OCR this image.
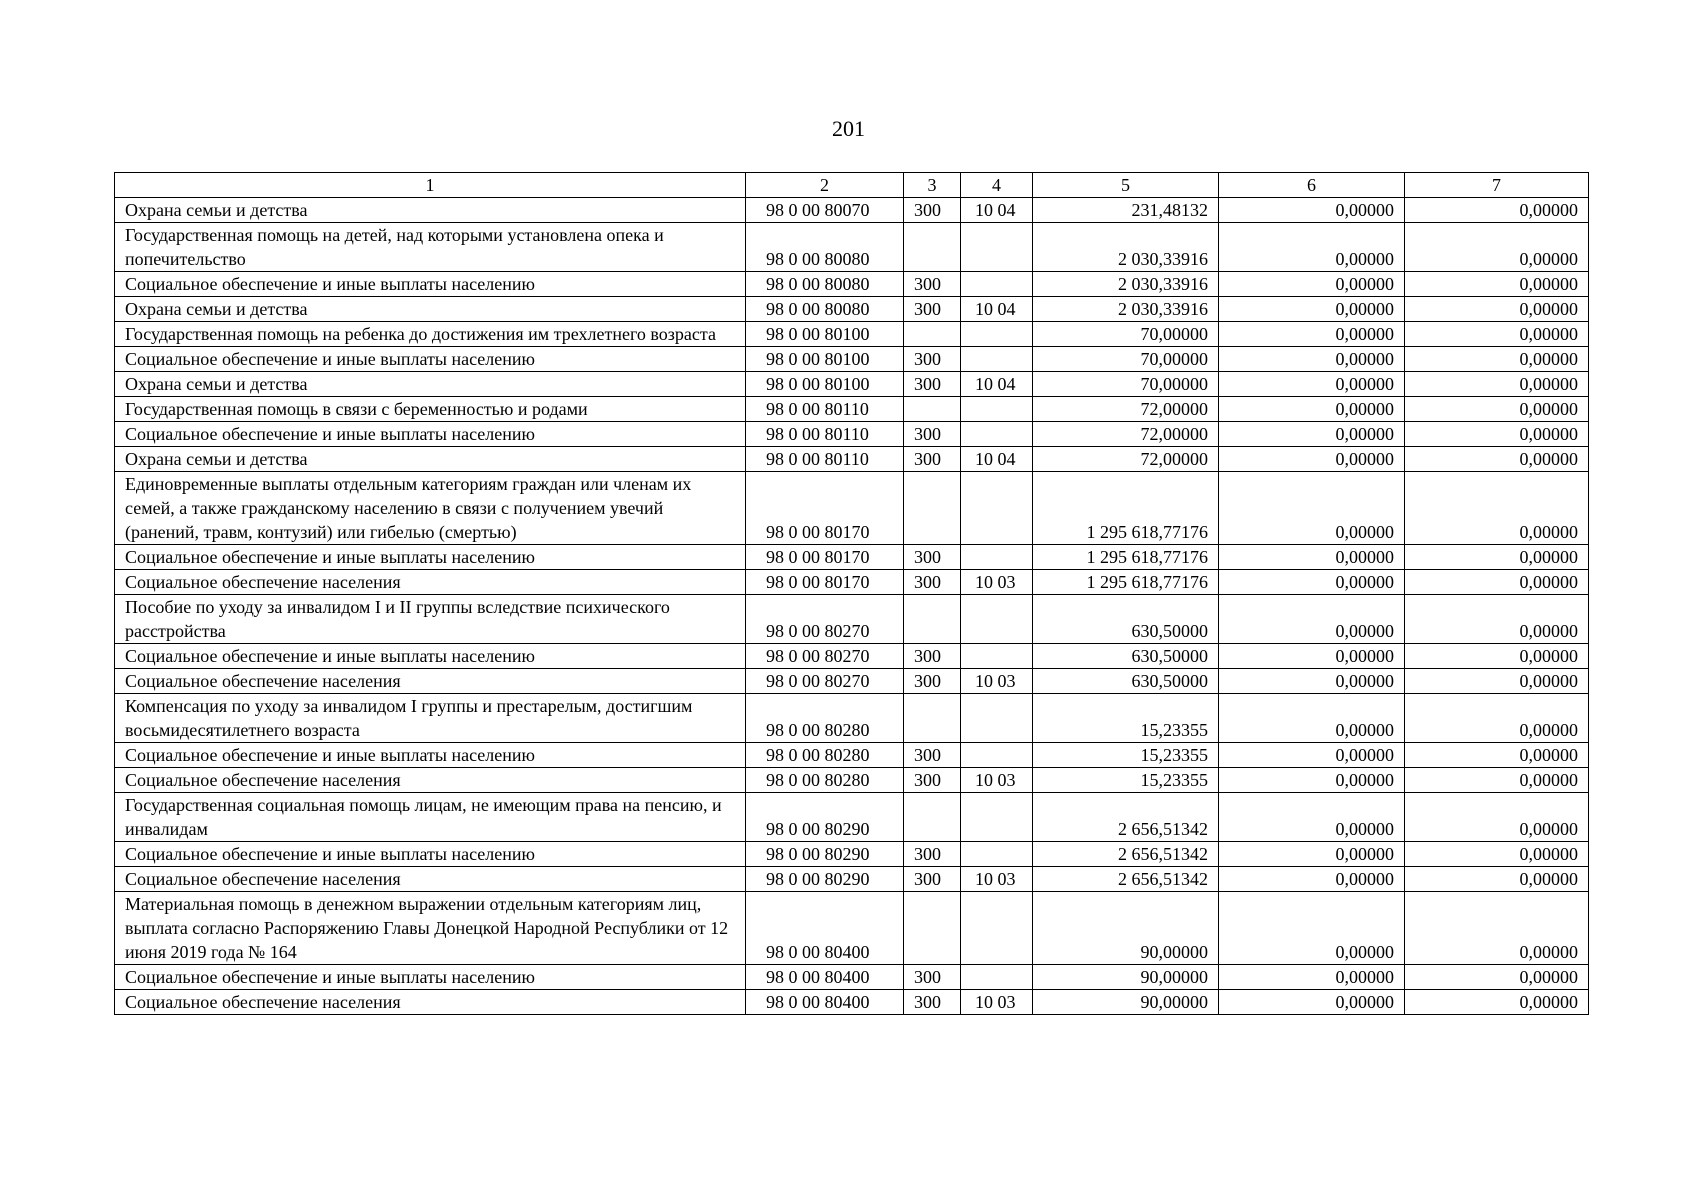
201
1	2	3	4	5	6	7
Охрана семьи и детства	98 0 00 80070	300	10 04	231,48132	0,00000	0,00000
Государственная помощь на детей, над которыми установлена опека и попечительство	98 0 00 80080			2 030,33916	0,00000	0,00000
Социальное обеспечение и иные выплаты населению	98 0 00 80080	300		2 030,33916	0,00000	0,00000
Охрана семьи и детства	98 0 00 80080	300	10 04	2 030,33916	0,00000	0,00000
Государственная помощь на ребенка до достижения им трехлетнего возраста	98 0 00 80100			70,00000	0,00000	0,00000
Социальное обеспечение и иные выплаты населению	98 0 00 80100	300		70,00000	0,00000	0,00000
Охрана семьи и детства	98 0 00 80100	300	10 04	70,00000	0,00000	0,00000
Государственная помощь в связи с беременностью и родами	98 0 00 80110			72,00000	0,00000	0,00000
Социальное обеспечение и иные выплаты населению	98 0 00 80110	300		72,00000	0,00000	0,00000
Охрана семьи и детства	98 0 00 80110	300	10 04	72,00000	0,00000	0,00000
Единовременные выплаты отдельным категориям граждан или членам их семей, а также гражданскому населению в связи с получением увечий (ранений, травм, контузий) или гибелью (смертью)	98 0 00 80170			1 295 618,77176	0,00000	0,00000
Социальное обеспечение и иные выплаты населению	98 0 00 80170	300		1 295 618,77176	0,00000	0,00000
Социальное обеспечение населения	98 0 00 80170	300	10 03	1 295 618,77176	0,00000	0,00000
Пособие по уходу за инвалидом I и II группы вследствие психического расстройства	98 0 00 80270			630,50000	0,00000	0,00000
Социальное обеспечение и иные выплаты населению	98 0 00 80270	300		630,50000	0,00000	0,00000
Социальное обеспечение населения	98 0 00 80270	300	10 03	630,50000	0,00000	0,00000
Компенсация по уходу за инвалидом I группы и престарелым, достигшим восьмидесятилетнего возраста	98 0 00 80280			15,23355	0,00000	0,00000
Социальное обеспечение и иные выплаты населению	98 0 00 80280	300		15,23355	0,00000	0,00000
Социальное обеспечение населения	98 0 00 80280	300	10 03	15,23355	0,00000	0,00000
Государственная социальная помощь лицам, не имеющим права на пенсию, и инвалидам	98 0 00 80290			2 656,51342	0,00000	0,00000
Социальное обеспечение и иные выплаты населению	98 0 00 80290	300		2 656,51342	0,00000	0,00000
Социальное обеспечение населения	98 0 00 80290	300	10 03	2 656,51342	0,00000	0,00000
Материальная помощь в денежном выражении отдельным категориям лиц, выплата согласно Распоряжению Главы Донецкой Народной Республики от 12 июня 2019 года № 164	98 0 00 80400			90,00000	0,00000	0,00000
Социальное обеспечение и иные выплаты населению	98 0 00 80400	300		90,00000	0,00000	0,00000
Социальное обеспечение населения	98 0 00 80400	300	10 03	90,00000	0,00000	0,00000
